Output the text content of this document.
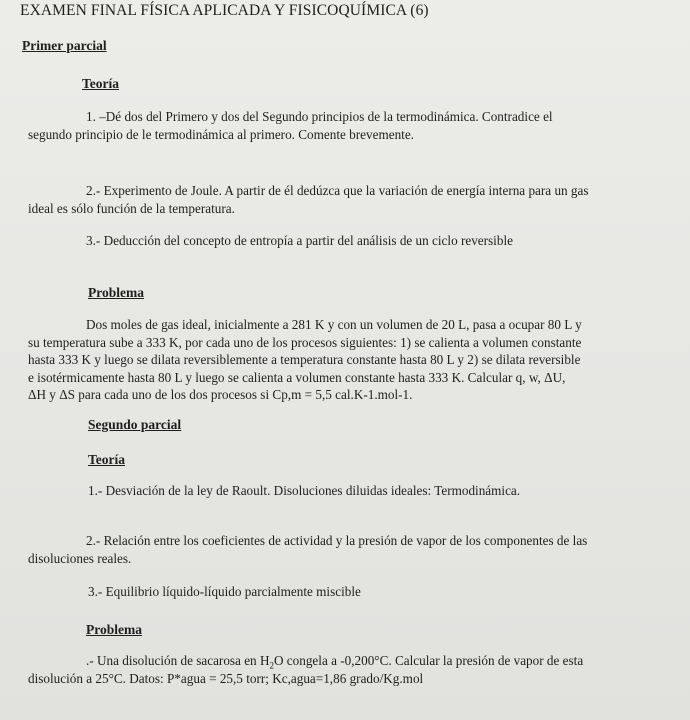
EXAMEN FINAL FÍSICA APLICADA Y FISICOQUÍMICA (6)
Primer parcial
Teoría
1. –Dé dos del Primero y dos del Segundo principios de la termodinámica. Contradice el
segundo principio de le termodinámica al primero. Comente brevemente.
2.- Experimento de Joule. A partir de él dedúzca que la variación de energía interna para un gas
ideal es sólo función de la temperatura.
3.- Deducción del concepto de entropía a partir del análisis de un ciclo reversible
Problema
Dos moles de gas ideal, inicialmente a 281 K y con un volumen de 20 L, pasa a ocupar 80 L y
su temperatura sube a 333 K, por cada uno de los procesos siguientes: 1) se calienta a volumen constante
hasta 333 K y luego se dilata reversiblemente a temperatura constante hasta 80 L y 2) se dilata reversible
e isotérmicamente hasta 80 L y luego se calienta a volumen constante hasta 333 K. Calcular q, w, ΔU,
ΔH y ΔS para cada uno de los dos procesos si Cp,m = 5,5 cal.K-1.mol-1.
Segundo parcial
Teoría
1.- Desviación de la ley de Raoult. Disoluciones diluidas ideales: Termodinámica.
2.- Relación entre los coeficientes de actividad y la presión de vapor de los componentes de las
disoluciones reales.
3.- Equilibrio líquido-líquido parcialmente miscible
Problema
.- Una disolución de sacarosa en $H_2O$ congela a -0,200°C. Calcular la presión de vapor de esta
disolución a 25°C. Datos: P*agua = 25,5 torr; Kc,agua=1,86 grado/Kg.mol
